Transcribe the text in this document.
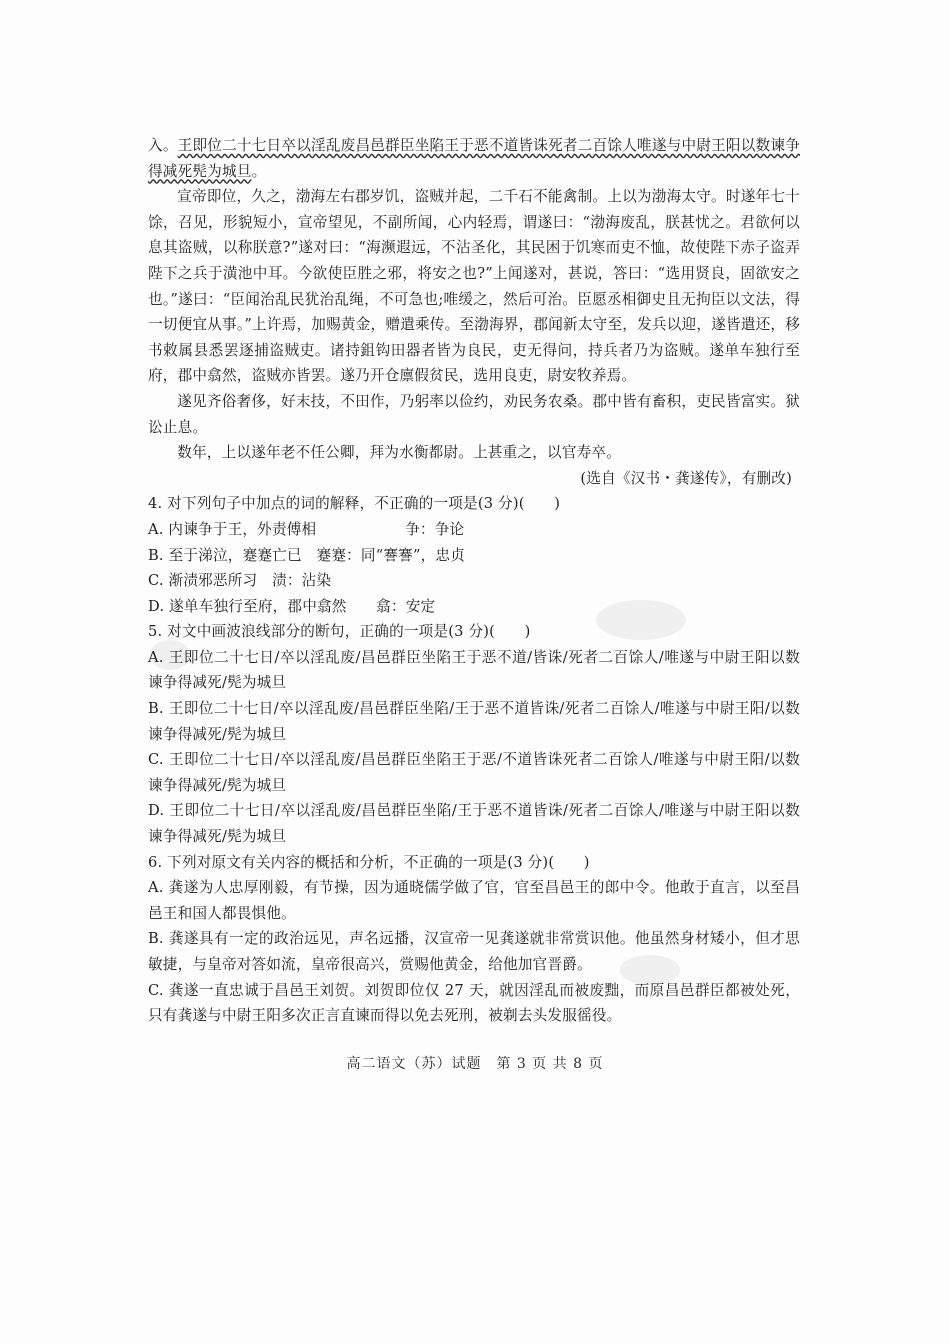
入。王即位二十七日卒以淫乱废昌邑群臣坐陷王于恶不道皆诛死者二百馀人唯遂与中尉王阳以数谏争得减死髡为城旦。

宣帝即位，久之，渤海左右郡岁饥，盗贼并起，二千石不能禽制。上以为渤海太守。时遂年七十馀，召见，形貌短小，宣帝望见，不副所闻，心内轻焉，谓遂曰：“渤海废乱，朕甚忧之。君欲何以息其盗贼，以称朕意?”遂对曰：“海濒遐远，不沾圣化，其民困于饥寒而吏不恤，故使陛下赤子盗弄陛下之兵于潢池中耳。今欲使臣胜之邪，将安之也?”上闻遂对，甚说，答曰：“选用贤良，固欲安之也。”遂曰：“臣闻治乱民犹治乱绳，不可急也;唯缓之，然后可治。臣愿丞相御史且无拘臣以文法，得一切便宜从事。”上许焉，加赐黄金，赠遣乘传。至渤海界，郡闻新太守至，发兵以迎，遂皆遣还，移书敕属县悉罢逐捕盗贼吏。诸持鉏钩田器者皆为良民，吏无得问，持兵者乃为盗贼。遂单车独行至府，郡中翕然，盗贼亦皆罢。遂乃开仓廪假贫民，选用良吏，尉安牧养焉。

遂见齐俗奢侈，好末技，不田作，乃躬率以俭约，劝民务农桑。郡中皆有畜积，吏民皆富实。狱讼止息。

数年，上以遂年老不任公卿，拜为水衡都尉。上甚重之，以官寿卒。

(选自《汉书・龚遂传》，有删改)

4. 对下列句子中加点的词的解释，不正确的一项是(3 分)(　　)

A. 内谏争于王，外责傅相　　　　　　争：争论

B. 至于涕泣，蹇蹇亡已　蹇蹇：同“謇謇”，忠贞

C. 渐渍邪恶所习　渍：沾染

D. 遂单车独行至府，郡中翕然　　翕：安定

5. 对文中画波浪线部分的断句，正确的一项是(3 分)(　　)

A. 王即位二十七日/卒以淫乱废/昌邑群臣坐陷王于恶不道/皆诛/死者二百馀人/唯遂与中尉王阳以数谏争得减死/髡为城旦

B. 王即位二十七日/卒以淫乱废/昌邑群臣坐陷/王于恶不道皆诛/死者二百馀人/唯遂与中尉王阳/以数谏争得减死/髡为城旦

C. 王即位二十七日/卒以淫乱废/昌邑群臣坐陷王于恶/不道皆诛死者二百馀人/唯遂与中尉王阳/以数谏争得减死/髡为城旦

D. 王即位二十七日/卒以淫乱废/昌邑群臣坐陷/王于恶不道皆诛/死者二百馀人/唯遂与中尉王阳以数谏争得减死/髡为城旦

6. 下列对原文有关内容的概括和分析，不正确的一项是(3 分)(　　)

A. 龚遂为人忠厚刚毅，有节操，因为通晓儒学做了官，官至昌邑王的郎中令。他敢于直言，以至昌邑王和国人都畏惧他。

B. 龚遂具有一定的政治远见，声名远播，汉宣帝一见龚遂就非常赏识他。他虽然身材矮小，但才思敏捷，与皇帝对答如流，皇帝很高兴，赏赐他黄金，给他加官晋爵。

C. 龚遂一直忠诚于昌邑王刘贺。刘贺即位仅 27 天，就因淫乱而被废黜，而原昌邑群臣都被处死，只有龚遂与中尉王阳多次正言直谏而得以免去死刑，被剃去头发服徭役。

高二语文（苏）试题　第 3 页 共 8 页
